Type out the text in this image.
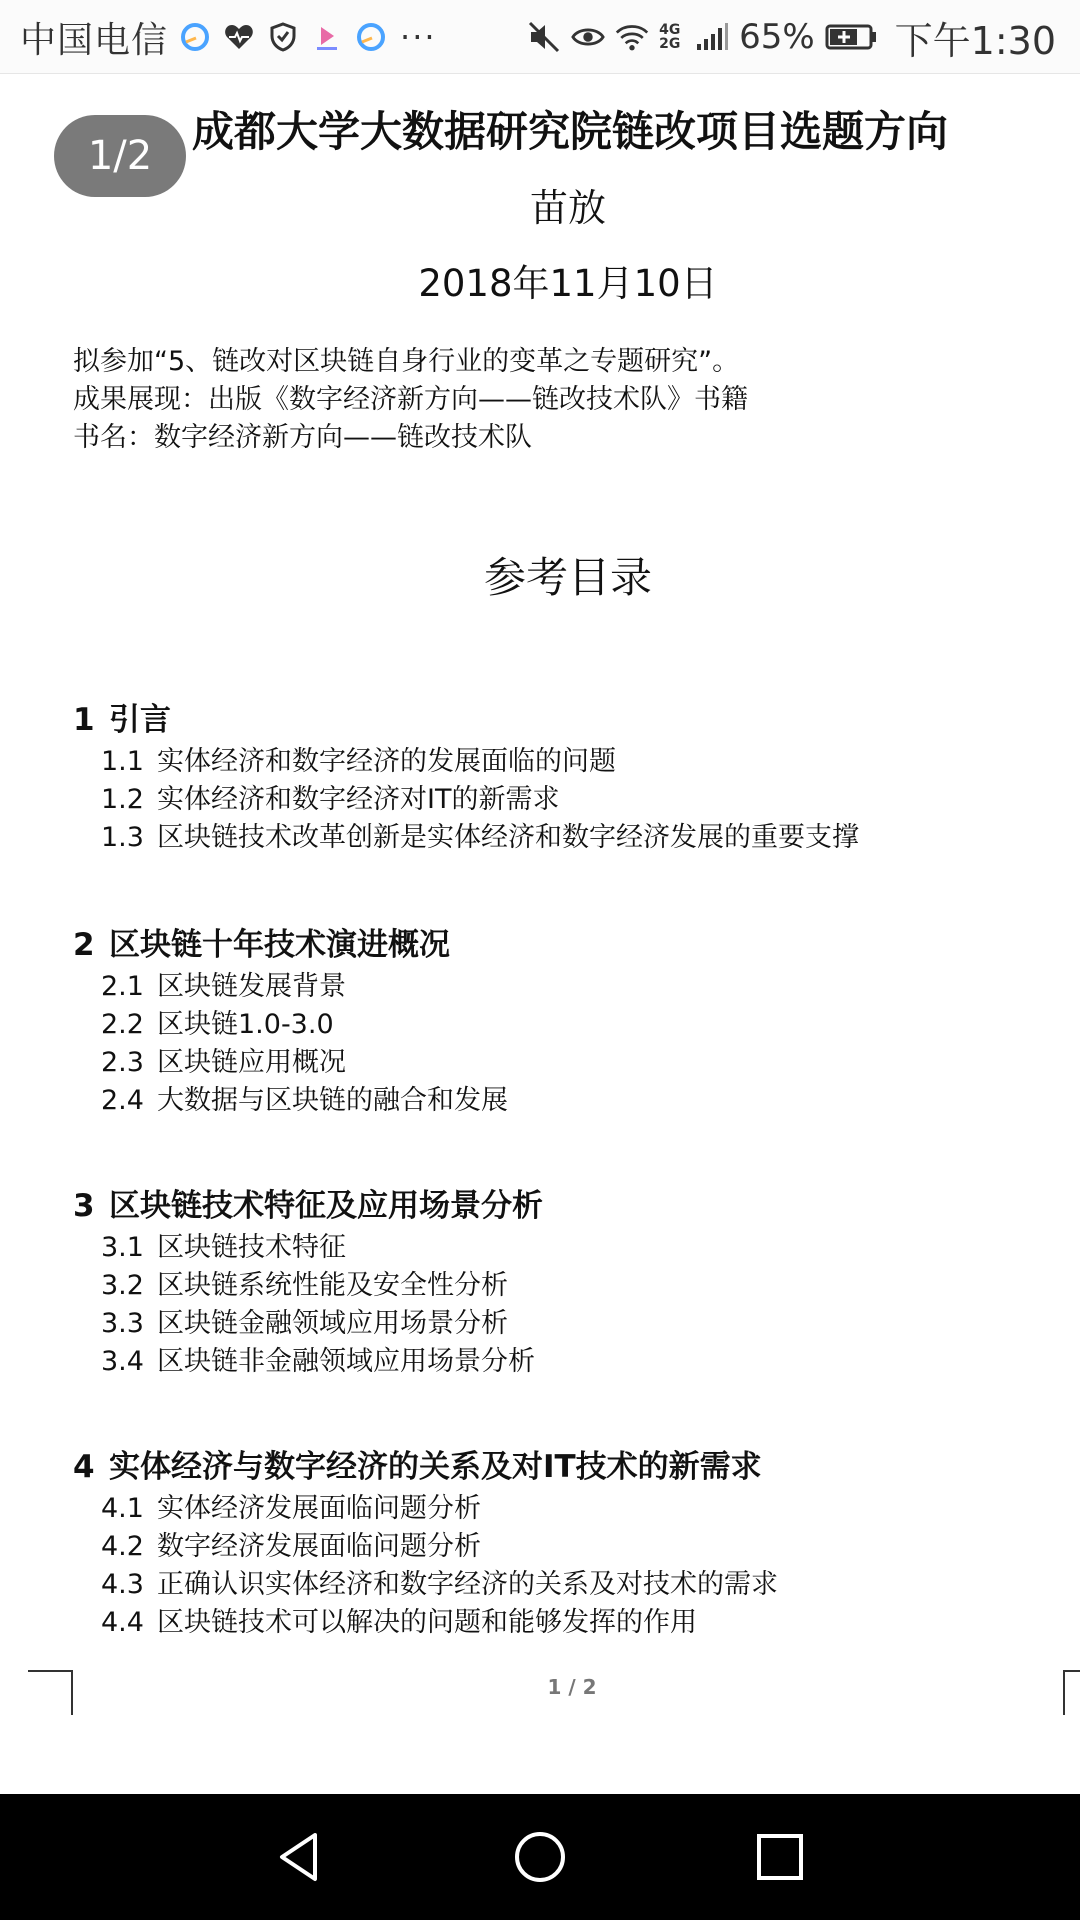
中国电信	···	4G 2G 65% 下午1:30
成都大学大数据研究院链改项目选题方向
1/2
苗放
2018年11月10日
拟参加“5、链改对区块链自身行业的变革之专题研究”。
成果展现：出版《数字经济新方向——链改技术队》书籍
书名：数字经济新方向——链改技术队
参考目录
1 引言
1.1 实体经济和数字经济的发展面临的问题
1.2 实体经济和数字经济对IT的新需求
1.3 区块链技术改革创新是实体经济和数字经济发展的重要支撑
2 区块链十年技术演进概况
2.1 区块链发展背景
2.2 区块链1.0-3.0
2.3 区块链应用概况
2.4 大数据与区块链的融合和发展
3 区块链技术特征及应用场景分析
3.1 区块链技术特征
3.2 区块链系统性能及安全性分析
3.3 区块链金融领域应用场景分析
3.4 区块链非金融领域应用场景分析
4 实体经济与数字经济的关系及对IT技术的新需求
4.1 实体经济发展面临问题分析
4.2 数字经济发展面临问题分析
4.3 正确认识实体经济和数字经济的关系及对技术的需求
4.4 区块链技术可以解决的问题和能够发挥的作用
1 / 2
